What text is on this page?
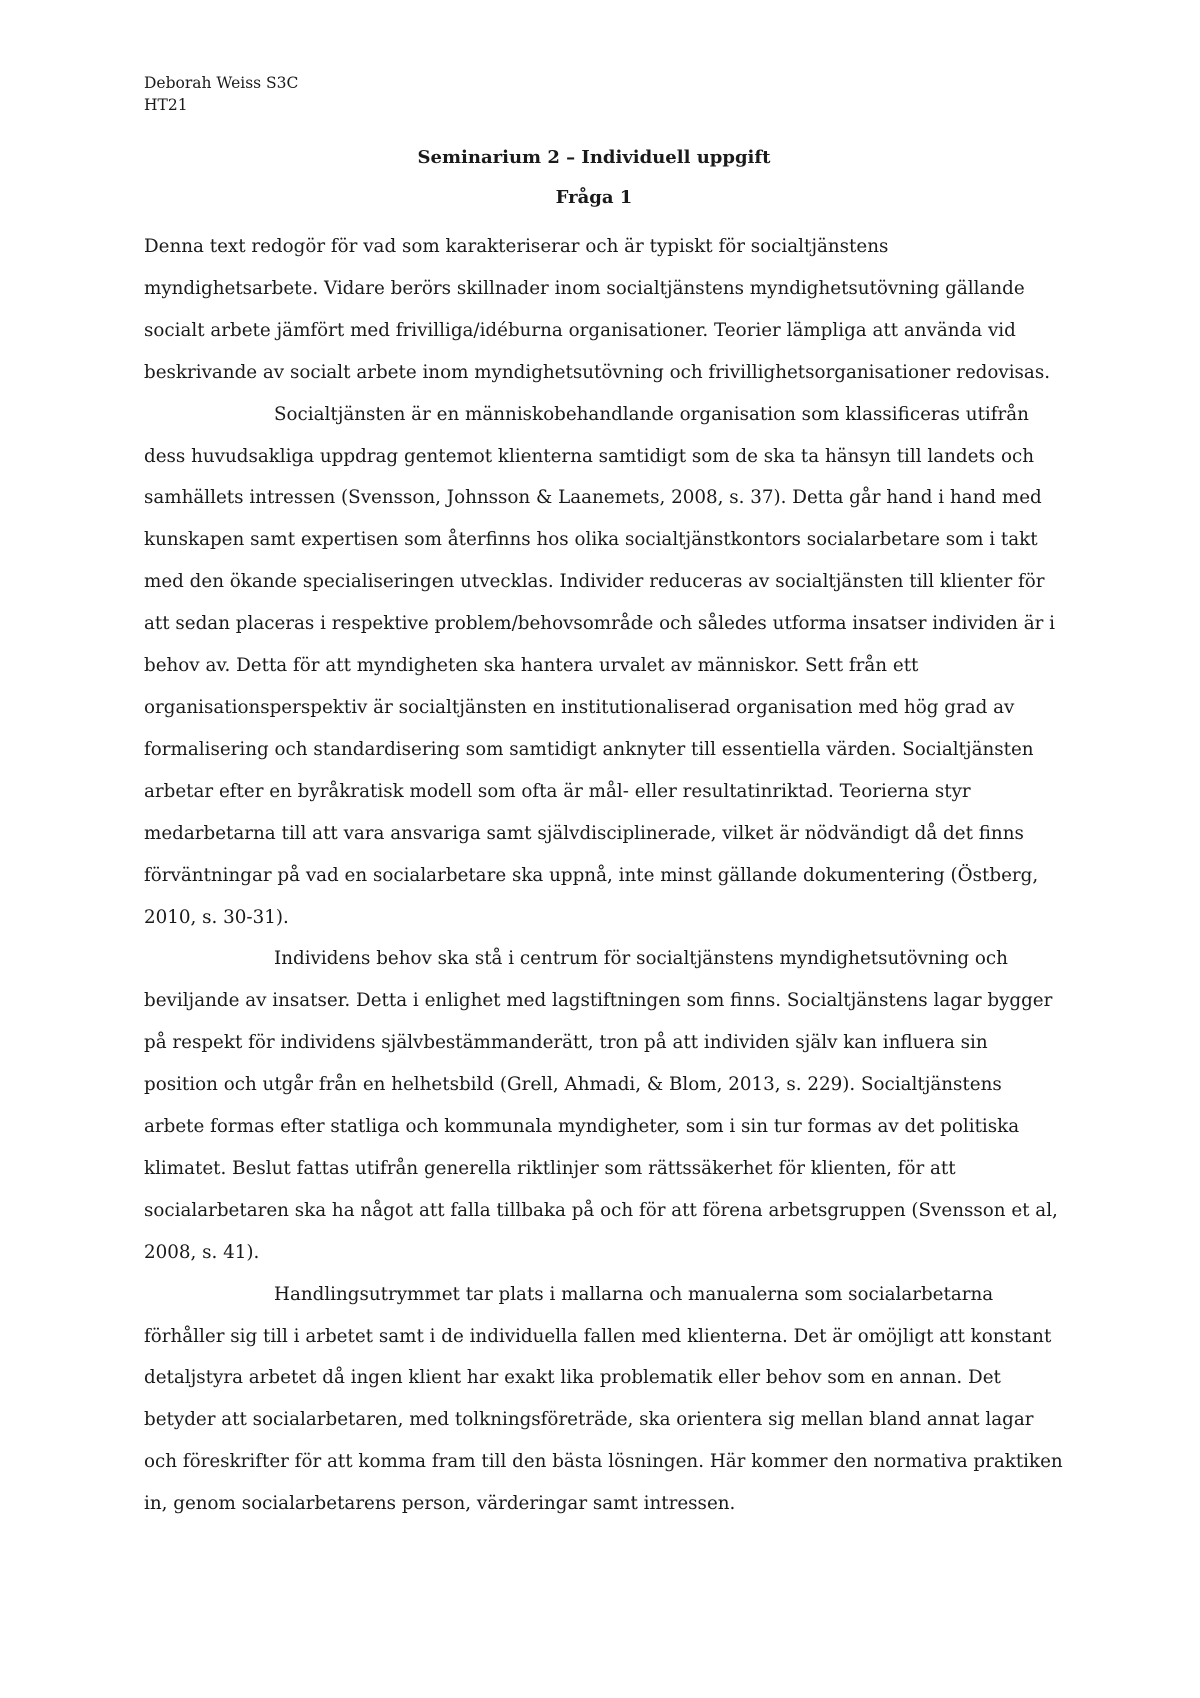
Deborah Weiss S3C
HT21
Seminarium 2 – Individuell uppgift
Fråga 1

Denna text redogör för vad som karakteriserar och är typiskt för socialtjänstens myndighetsarbete. Vidare berörs skillnader inom socialtjänstens myndighetsutövning gällande socialt arbete jämfört med frivilliga/idéburna organisationer. Teorier lämpliga att använda vid beskrivande av socialt arbete inom myndighetsutövning och frivillighetsorganisationer redovisas.

Socialtjänsten är en människobehandlande organisation som klassificeras utifrån dess huvudsakliga uppdrag gentemot klienterna samtidigt som de ska ta hänsyn till landets och samhällets intressen (Svensson, Johnsson & Laanemets, 2008, s. 37). Detta går hand i hand med kunskapen samt expertisen som återfinns hos olika socialtjänstkontors socialarbetare som i takt med den ökande specialiseringen utvecklas. Individer reduceras av socialtjänsten till klienter för att sedan placeras i respektive problem/behovsområde och således utforma insatser individen är i behov av. Detta för att myndigheten ska hantera urvalet av människor. Sett från ett organisationsperspektiv är socialtjänsten en institutionaliserad organisation med hög grad av formalisering och standardisering som samtidigt anknyter till essentiella värden. Socialtjänsten arbetar efter en byråkratisk modell som ofta är mål- eller resultatinriktad. Teorierna styr medarbetarna till att vara ansvariga samt självdisciplinerade, vilket är nödvändigt då det finns förväntningar på vad en socialarbetare ska uppnå, inte minst gällande dokumentering (Östberg, 2010, s. 30-31).

Individens behov ska stå i centrum för socialtjänstens myndighetsutövning och beviljande av insatser. Detta i enlighet med lagstiftningen som finns. Socialtjänstens lagar bygger på respekt för individens självbestämmanderätt, tron på att individen själv kan influera sin position och utgår från en helhetsbild (Grell, Ahmadi, & Blom, 2013, s. 229). Socialtjänstens arbete formas efter statliga och kommunala myndigheter, som i sin tur formas av det politiska klimatet. Beslut fattas utifrån generella riktlinjer som rättssäkerhet för klienten, för att socialarbetaren ska ha något att falla tillbaka på och för att förena arbetsgruppen (Svensson et al, 2008, s. 41).

Handlingsutrymmet tar plats i mallarna och manualerna som socialarbetarna förhåller sig till i arbetet samt i de individuella fallen med klienterna. Det är omöjligt att konstant detaljstyra arbetet då ingen klient har exakt lika problematik eller behov som en annan. Det betyder att socialarbetaren, med tolkningsföreträde, ska orientera sig mellan bland annat lagar och föreskrifter för att komma fram till den bästa lösningen. Här kommer den normativa praktiken in, genom socialarbetarens person, värderingar samt intressen.
